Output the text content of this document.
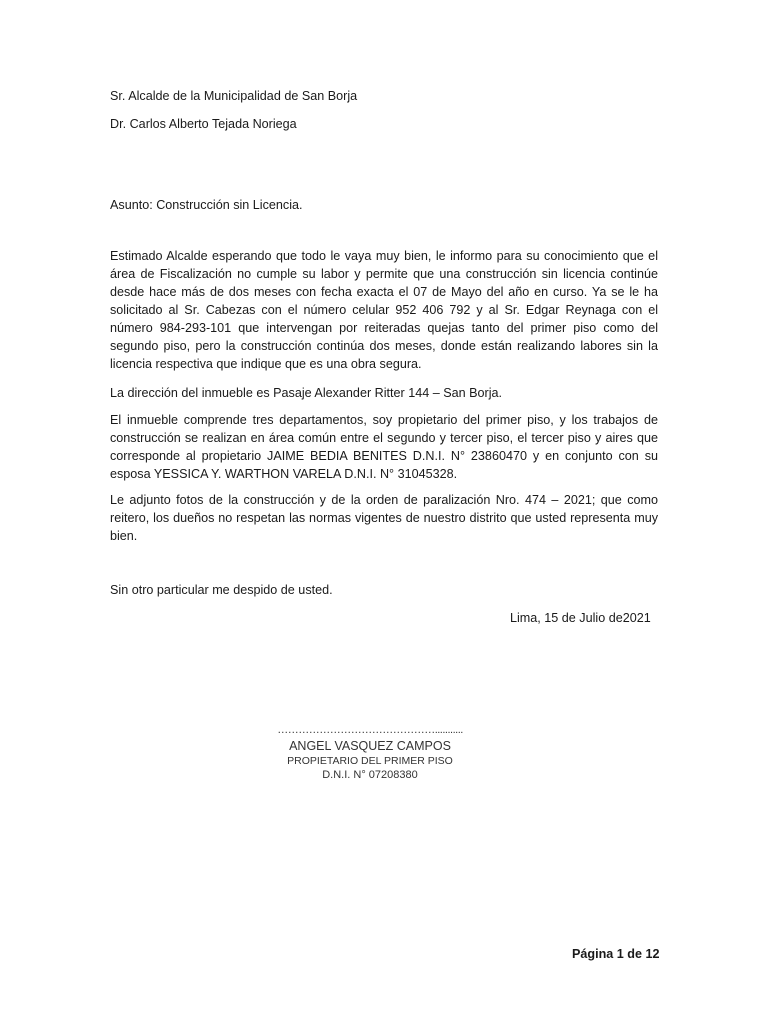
Sr. Alcalde de la Municipalidad de San Borja

Dr. Carlos Alberto Tejada Noriega

Asunto: Construcción sin Licencia.

Estimado Alcalde esperando que todo le vaya muy bien, le informo para su conocimiento que el área de Fiscalización no cumple su labor y permite que una construcción sin licencia continúe desde hace más de dos meses con fecha exacta el 07 de Mayo del año en curso. Ya se le ha solicitado al Sr. Cabezas con el número celular 952 406 792 y al Sr. Edgar Reynaga con el número 984-293-101 que intervengan por reiteradas quejas tanto del primer piso como del segundo piso, pero la construcción continúa dos meses, donde están realizando labores sin la licencia respectiva que indique que es una obra segura.

La dirección del inmueble es Pasaje Alexander Ritter 144 – San Borja.

El inmueble comprende tres departamentos, soy propietario del primer piso, y los trabajos de construcción se realizan en área común entre el segundo y tercer piso, el tercer piso y aires que corresponde al propietario JAIME BEDIA BENITES D.N.I. N° 23860470 y en conjunto con su esposa YESSICA Y. WARTHON VARELA D.N.I. N° 31045328.

Le adjunto fotos de la construcción y de la orden de paralización Nro. 474 – 2021; que como reitero, los dueños no respetan las normas vigentes de nuestro distrito que usted representa muy bien.

Sin otro particular me despido de usted.

Lima, 15 de Julio de2021
………………………………………...........
ANGEL VASQUEZ CAMPOS
PROPIETARIO DEL PRIMER PISO
D.N.I. N° 07208380
Página 1 de 12
